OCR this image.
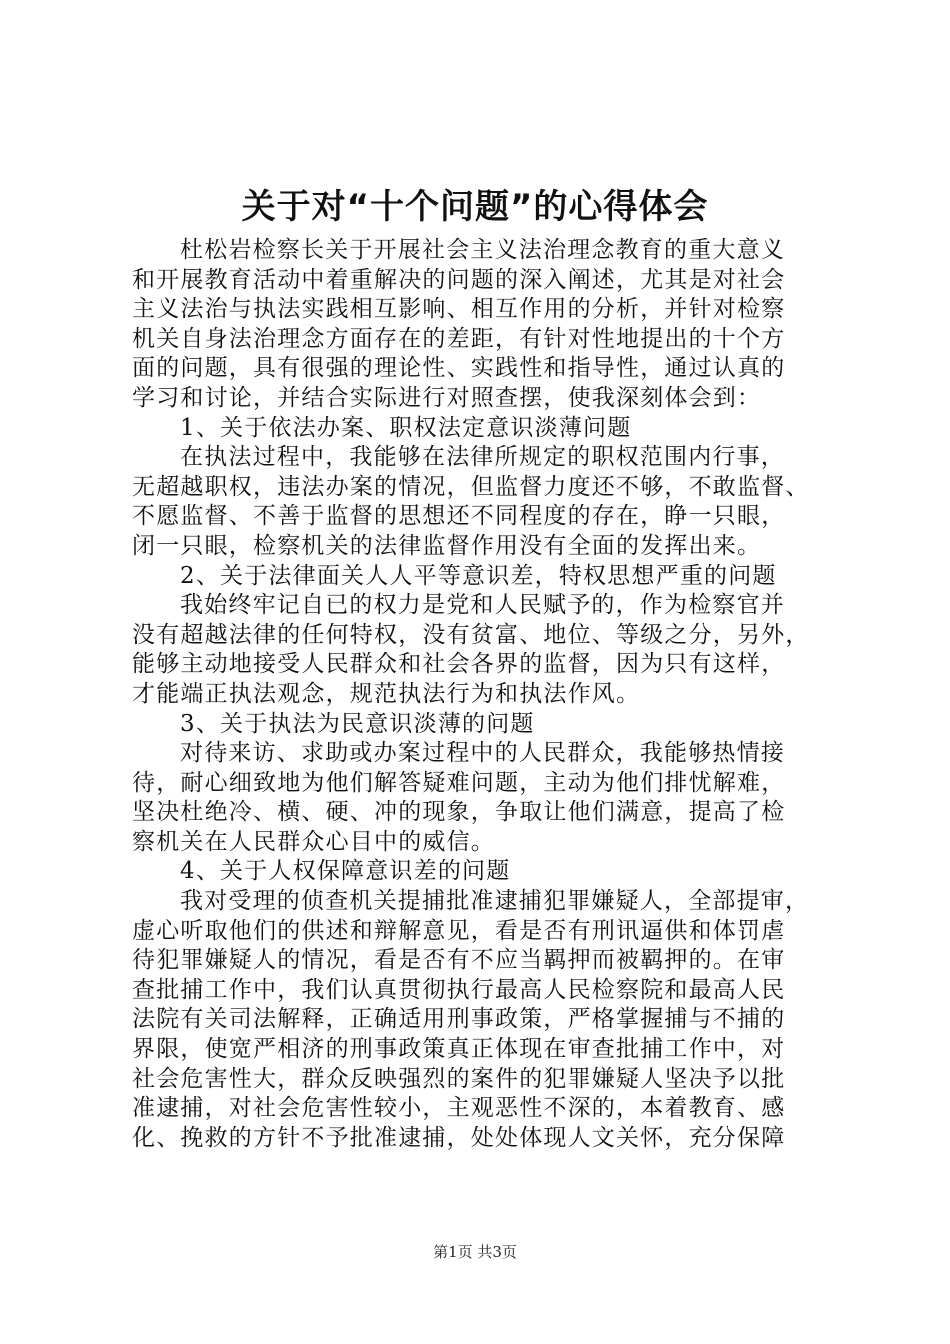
关于对“十个问题”的心得体会
杜松岩检察长关于开展社会主义法治理念教育的重大意义
和开展教育活动中着重解决的问题的深入阐述，尤其是对社会
主义法治与执法实践相互影响、相互作用的分析，并针对检察
机关自身法治理念方面存在的差距，有针对性地提出的十个方
面的问题，具有很强的理论性、实践性和指导性，通过认真的
学习和讨论，并结合实际进行对照查摆，使我深刻体会到：
1、关于依法办案、职权法定意识淡薄问题
在执法过程中，我能够在法律所规定的职权范围内行事，
无超越职权，违法办案的情况，但监督力度还不够，不敢监督、
不愿监督、不善于监督的思想还不同程度的存在，睁一只眼，
闭一只眼，检察机关的法律监督作用没有全面的发挥出来。
2、关于法律面关人人平等意识差，特权思想严重的问题
我始终牢记自已的权力是党和人民赋予的，作为检察官并
没有超越法律的任何特权，没有贫富、地位、等级之分，另外，
能够主动地接受人民群众和社会各界的监督，因为只有这样，
才能端正执法观念，规范执法行为和执法作风。
3、关于执法为民意识淡薄的问题
对待来访、求助或办案过程中的人民群众，我能够热情接
待，耐心细致地为他们解答疑难问题，主动为他们排忧解难，
坚决杜绝冷、横、硬、冲的现象，争取让他们满意，提高了检
察机关在人民群众心目中的威信。
4、关于人权保障意识差的问题
我对受理的侦查机关提捕批准逮捕犯罪嫌疑人，全部提审，
虚心听取他们的供述和辩解意见，看是否有刑讯逼供和体罚虐
待犯罪嫌疑人的情况，看是否有不应当羁押而被羁押的。在审
查批捕工作中，我们认真贯彻执行最高人民检察院和最高人民
法院有关司法解释，正确适用刑事政策，严格掌握捕与不捕的
界限，使宽严相济的刑事政策真正体现在审查批捕工作中，对
社会危害性大，群众反映强烈的案件的犯罪嫌疑人坚决予以批
准逮捕，对社会危害性较小，主观恶性不深的，本着教育、感
化、挽救的方针不予批准逮捕，处处体现人文关怀，充分保障
第1页 共3页
